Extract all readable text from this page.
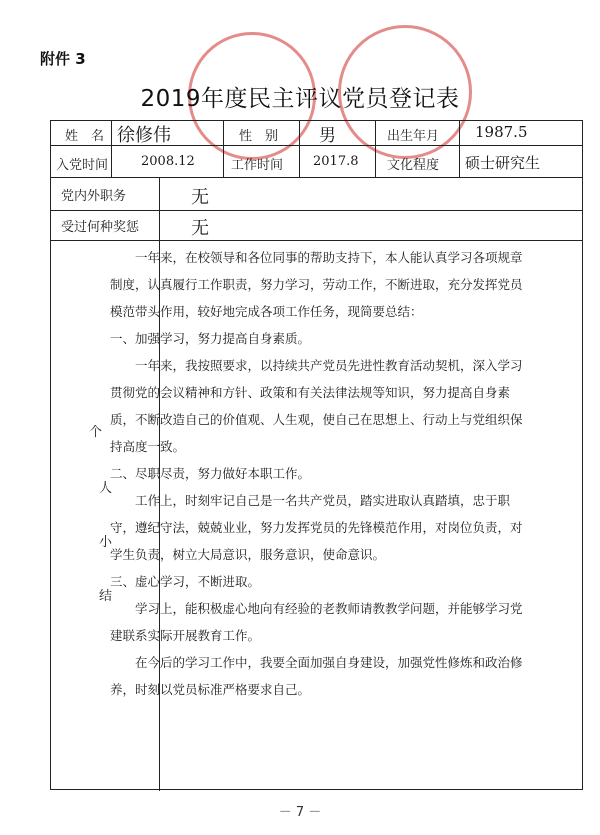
附件 3
2019年度民主评议党员登记表
姓　名 徐修伟	性　别 男	出生年月 1987.5
入党时间	2008.12	工作时间 2017.8 文化程度 硕士研究生
党内外职务	无
受过何种奖惩	无
个
人
小
结

一年来，在校领导和各位同事的帮助支持下，本人能认真学习各项规章制度，认真履行工作职责，努力学习，劳动工作，不断进取，充分发挥党员模范带头作用，较好地完成各项工作任务，现简要总结：

一、加强学习，努力提高自身素质。

一年来，我按照要求，以持续共产党员先进性教育活动契机，深入学习贯彻党的会议精神和方针、政策和有关法律法规等知识，努力提高自身素质，不断改造自己的价值观、人生观，使自己在思想上、行动上与党组织保持高度一致。

二、尽职尽责，努力做好本职工作。

工作上，时刻牢记自己是一名共产党员，踏实进取认真踏填，忠于职守，遵纪守法，兢兢业业，努力发挥党员的先锋模范作用，对岗位负责，对学生负责，树立大局意识，服务意识，使命意识。

三、虚心学习，不断进取。

学习上，能积极虚心地向有经验的老教师请教教学问题，并能够学习党建联系实际开展教育工作。

在今后的学习工作中，我要全面加强自身建设，加强党性修炼和政治修养，时刻以党员标准严格要求自己。

－ 7 －
